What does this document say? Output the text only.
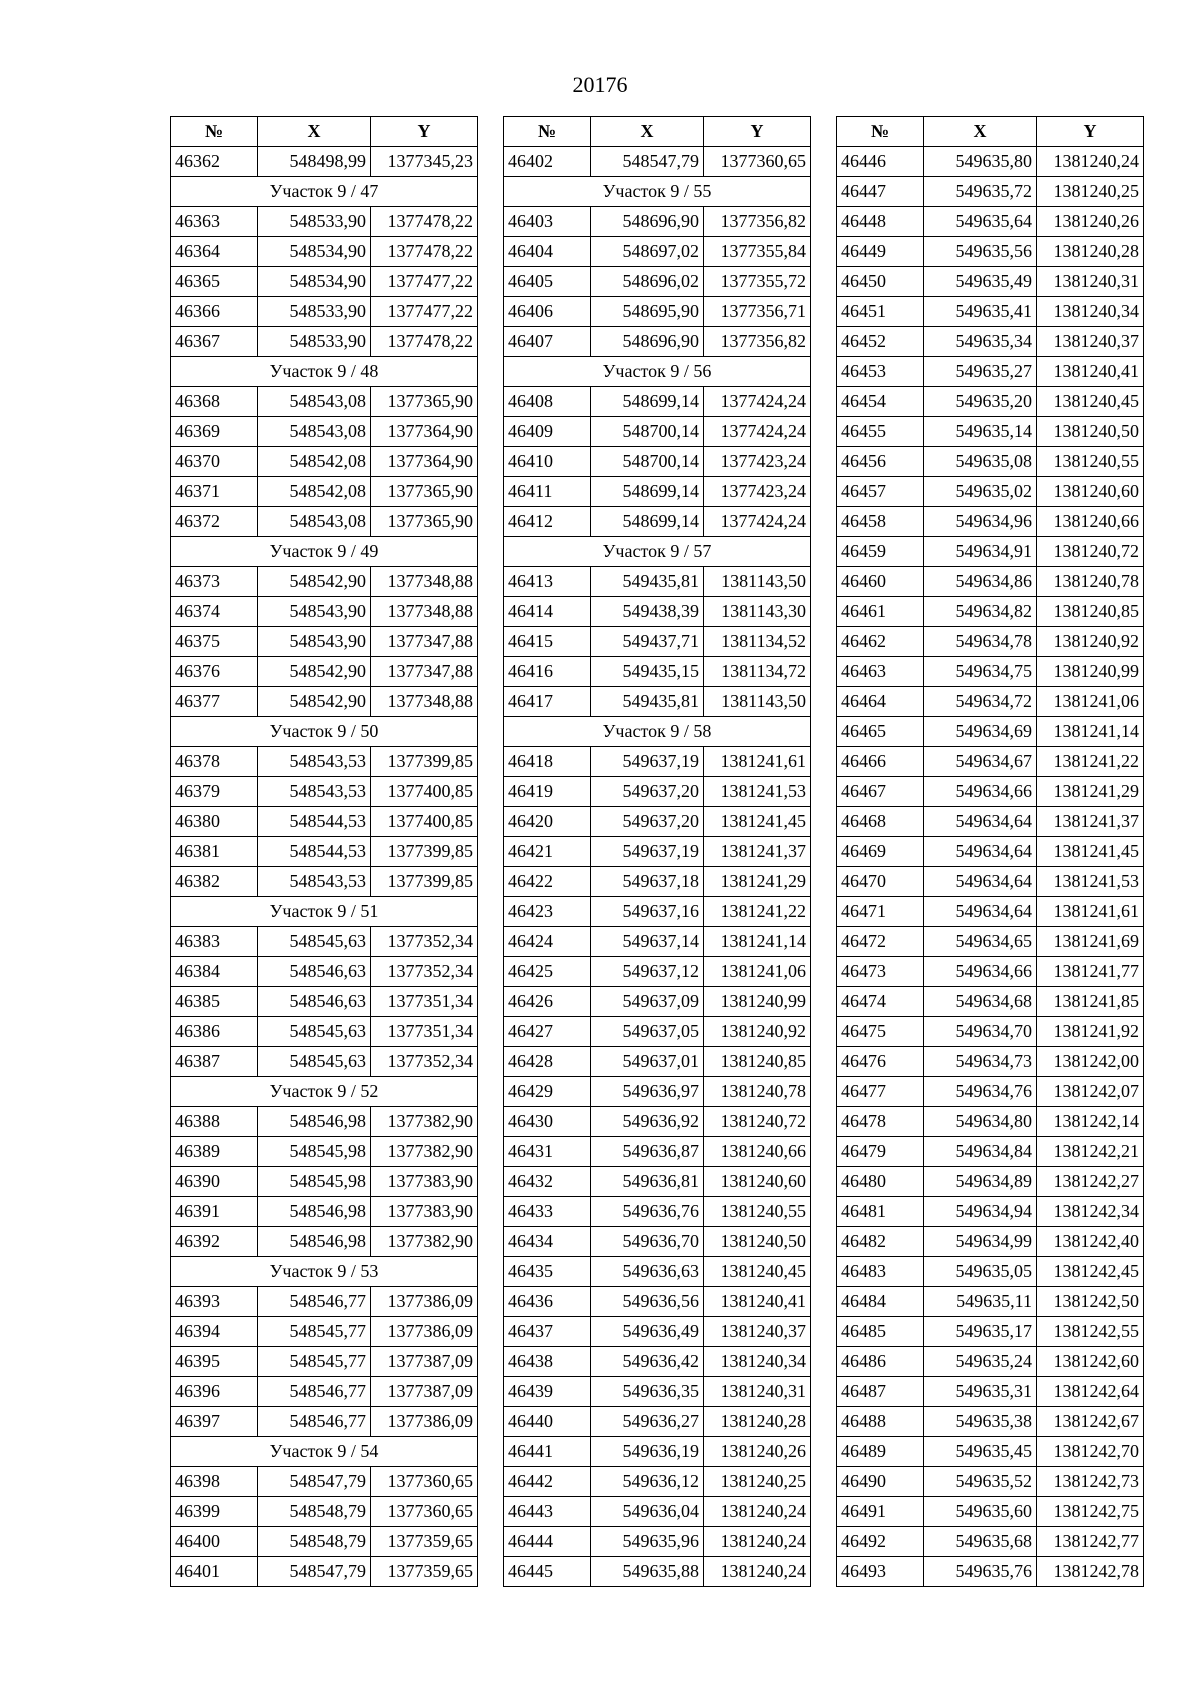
20176
№	X	Y
46362	548498,99	1377345,23
Участок 9 / 47		
46363	548533,90	1377478,22
46364	548534,90	1377478,22
46365	548534,90	1377477,22
46366	548533,90	1377477,22
46367	548533,90	1377478,22
Участок 9 / 48		
46368	548543,08	1377365,90
46369	548543,08	1377364,90
46370	548542,08	1377364,90
46371	548542,08	1377365,90
46372	548543,08	1377365,90
Участок 9 / 49		
46373	548542,90	1377348,88
46374	548543,90	1377348,88
46375	548543,90	1377347,88
46376	548542,90	1377347,88
46377	548542,90	1377348,88
Участок 9 / 50		
46378	548543,53	1377399,85
46379	548543,53	1377400,85
46380	548544,53	1377400,85
46381	548544,53	1377399,85
46382	548543,53	1377399,85
Участок 9 / 51		
46383	548545,63	1377352,34
46384	548546,63	1377352,34
46385	548546,63	1377351,34
46386	548545,63	1377351,34
46387	548545,63	1377352,34
Участок 9 / 52		
46388	548546,98	1377382,90
46389	548545,98	1377382,90
46390	548545,98	1377383,90
46391	548546,98	1377383,90
46392	548546,98	1377382,90
Участок 9 / 53		
46393	548546,77	1377386,09
46394	548545,77	1377386,09
46395	548545,77	1377387,09
46396	548546,77	1377387,09
46397	548546,77	1377386,09
Участок 9 / 54		
46398	548547,79	1377360,65
46399	548548,79	1377360,65
46400	548548,79	1377359,65
46401	548547,79	1377359,65
№	X	Y
46402	548547,79	1377360,65
Участок 9 / 55		
46403	548696,90	1377356,82
46404	548697,02	1377355,84
46405	548696,02	1377355,72
46406	548695,90	1377356,71
46407	548696,90	1377356,82
Участок 9 / 56		
46408	548699,14	1377424,24
46409	548700,14	1377424,24
46410	548700,14	1377423,24
46411	548699,14	1377423,24
46412	548699,14	1377424,24
Участок 9 / 57		
46413	549435,81	1381143,50
46414	549438,39	1381143,30
46415	549437,71	1381134,52
46416	549435,15	1381134,72
46417	549435,81	1381143,50
Участок 9 / 58		
46418	549637,19	1381241,61
46419	549637,20	1381241,53
46420	549637,20	1381241,45
46421	549637,19	1381241,37
46422	549637,18	1381241,29
46423	549637,16	1381241,22
46424	549637,14	1381241,14
46425	549637,12	1381241,06
46426	549637,09	1381240,99
46427	549637,05	1381240,92
46428	549637,01	1381240,85
46429	549636,97	1381240,78
46430	549636,92	1381240,72
46431	549636,87	1381240,66
46432	549636,81	1381240,60
46433	549636,76	1381240,55
46434	549636,70	1381240,50
46435	549636,63	1381240,45
46436	549636,56	1381240,41
46437	549636,49	1381240,37
46438	549636,42	1381240,34
46439	549636,35	1381240,31
46440	549636,27	1381240,28
46441	549636,19	1381240,26
46442	549636,12	1381240,25
46443	549636,04	1381240,24
46444	549635,96	1381240,24
46445	549635,88	1381240,24
№	X	Y
46446	549635,80	1381240,24
46447	549635,72	1381240,25
46448	549635,64	1381240,26
46449	549635,56	1381240,28
46450	549635,49	1381240,31
46451	549635,41	1381240,34
46452	549635,34	1381240,37
46453	549635,27	1381240,41
46454	549635,20	1381240,45
46455	549635,14	1381240,50
46456	549635,08	1381240,55
46457	549635,02	1381240,60
46458	549634,96	1381240,66
46459	549634,91	1381240,72
46460	549634,86	1381240,78
46461	549634,82	1381240,85
46462	549634,78	1381240,92
46463	549634,75	1381240,99
46464	549634,72	1381241,06
46465	549634,69	1381241,14
46466	549634,67	1381241,22
46467	549634,66	1381241,29
46468	549634,64	1381241,37
46469	549634,64	1381241,45
46470	549634,64	1381241,53
46471	549634,64	1381241,61
46472	549634,65	1381241,69
46473	549634,66	1381241,77
46474	549634,68	1381241,85
46475	549634,70	1381241,92
46476	549634,73	1381242,00
46477	549634,76	1381242,07
46478	549634,80	1381242,14
46479	549634,84	1381242,21
46480	549634,89	1381242,27
46481	549634,94	1381242,34
46482	549634,99	1381242,40
46483	549635,05	1381242,45
46484	549635,11	1381242,50
46485	549635,17	1381242,55
46486	549635,24	1381242,60
46487	549635,31	1381242,64
46488	549635,38	1381242,67
46489	549635,45	1381242,70
46490	549635,52	1381242,73
46491	549635,60	1381242,75
46492	549635,68	1381242,77
46493	549635,76	1381242,78
